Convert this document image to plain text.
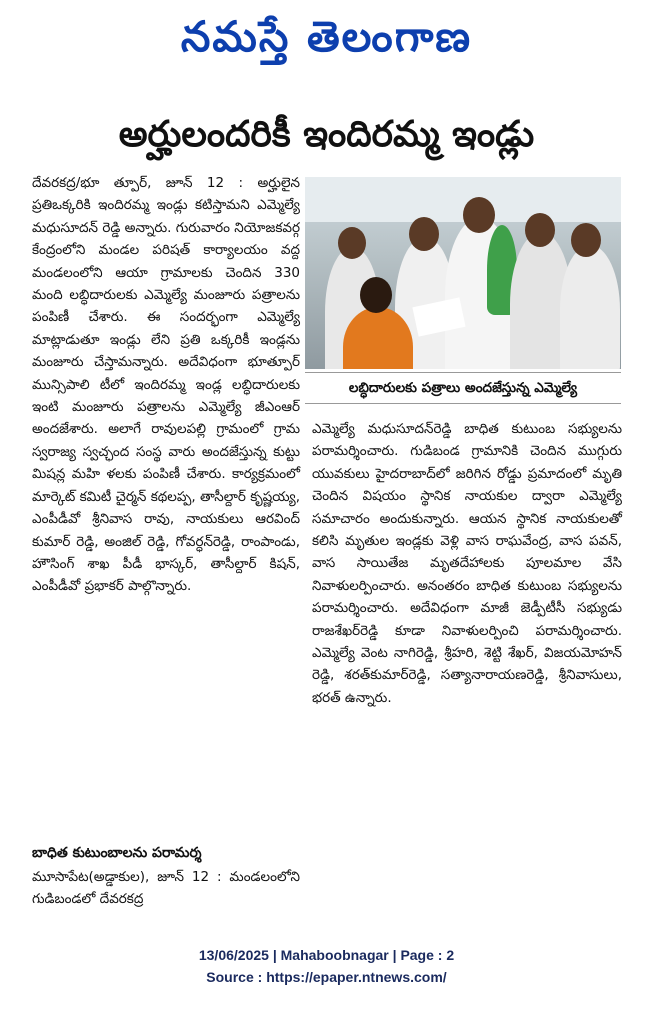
నమస్తే తెలంగాణ
అర్హులందరికీ ఇందిరమ్మ ఇండ్లు
లబ్ధిదారులకు పత్రాలు అందజేస్తున్న ఎమ్మెల్యే

దేవరకద్ర/భూ త్పూర్, జూన్ 12 : అర్హులైన ప్రతిఒక్కరికి ఇందిరమ్మ ఇండ్లు కటిస్తామని ఎమ్మెల్యే మధుసూదన్ రెడ్డి అన్నారు. గురువారం నియోజకవర్గ కేంద్రంలోని మండల పరిషత్ కార్యాలయం వద్ద మండలంలోని ఆయా గ్రామాలకు చెందిన 330 మంది లబ్ధిదారులకు ఎమ్మెల్యే మంజూరు పత్రాలను పంపిణీ చేశారు. ఈ సందర్భంగా ఎమ్మెల్యే మాట్లాడుతూ ఇండ్లు లేని ప్రతి ఒక్కరికీ ఇండ్లను మంజూరు చేస్తామన్నారు. అదేవిధంగా భూత్పూర్ మున్సిపాలి టీలో ఇందిరమ్మ ఇండ్ల లబ్ధిదారులకు ఇంటి మంజూరు పత్రాలను ఎమ్మెల్యే జీఎంఆర్ అందజేశారు. అలాగే రావులపల్లి గ్రామంలో గ్రామ స్వరాజ్య స్వచ్ఛంద సంస్థ వారు అందజేస్తున్న కుట్టు మిషన్ల మహి ళలకు పంపిణీ చేశారు. కార్యక్రమంలో మార్కెట్ కమిటీ చైర్మన్ కథలప్ప, తాసీల్దార్ కృష్ణయ్య, ఎంపీడీవో శ్రీనివాస రావు, నాయకులు ఆరవింద్ కుమార్ రెడ్డి, అంజిల్ రెడ్డి, గోవర్ధన్‌రెడ్డి, రాంపాండు, హౌసింగ్ శాఖ పీడీ భాస్కర్, తాసీల్దార్ కిషన్, ఎంపీడీవో ప్రభాకర్ పాల్గొన్నారు.

బాధిత కుటుంబాలను పరామర్శ

మూసాపేట(అడ్డాకుల), జూన్ 12 : మండలంలోని గుడిబండలో దేవరకద్ర

ఎమ్మెల్యే మధుసూదన్‌రెడ్డి బాధిత కుటుంబ సభ్యులను పరామర్శించారు. గుడిబండ గ్రామానికి చెందిన ముగ్గురు యువకులు హైదరాబాద్‌లో జరిగిన రోడ్డు ప్రమాదంలో మృతి చెందిన విషయం స్థానిక నాయకుల ద్వారా ఎమ్మెల్యే సమాచారం అందుకున్నారు. ఆయన స్థానిక నాయకులతో కలిసి మృతుల ఇండ్లకు వెళ్లి వాస రాఘవేంద్ర, వాస పవన్, వాస సాయితేజ మృతదేహాలకు పూలమాల వేసి నివాళులర్పించారు. అనంతరం బాధిత కుటుంబ సభ్యులను పరామర్శించారు. అదేవిధంగా మాజీ జెడ్పీటీసీ సభ్యుడు రాజశేఖర్‌రెడ్డి కూడా నివాళులర్పించి పరామర్శించారు. ఎమ్మెల్యే వెంట నాగిరెడ్డి, శ్రీహరి, శెట్టి శేఖర్, విజయమోహన్ రెడ్డి, శరత్‌కుమార్‌రెడ్డి, సత్యానారాయణరెడ్డి, శ్రీనివాసులు, భరత్ ఉన్నారు.

13/06/2025 | Mahaboobnagar | Page : 2
Source : https://epaper.ntnews.com/
